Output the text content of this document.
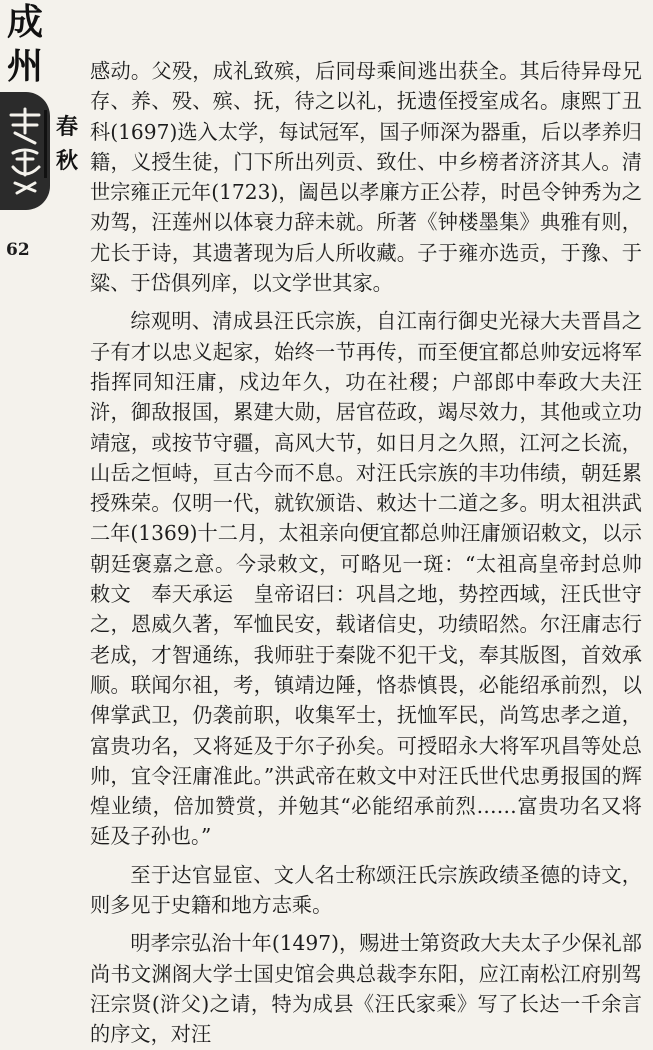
成
州
春
秋
62

感动。父殁，成礼致殡，后同母乘间逃出获全。其后待异母兄存、养、殁、殡、抚，待之以礼，抚遗侄授室成名。康熙丁丑科(1697)选入太学，每试冠军，国子师深为器重，后以孝养归籍，义授生徒，门下所出列贡、致仕、中乡榜者济济其人。清世宗雍正元年(1723)，阖邑以孝廉方正公荐，时邑令钟秀为之劝驾，汪莲州以体衰力辞未就。所著《钟楼墨集》典雅有则，尤长于诗，其遗著现为后人所收藏。子于雍亦选贡，于豫、于粱、于岱俱列庠，以文学世其家。

综观明、清成县汪氏宗族，自江南行御史光禄大夫晋昌之子有才以忠义起家，始终一节再传，而至便宜都总帅安远将军指挥同知汪庸，戍边年久，功在社稷；户部郎中奉政大夫汪浒，御敌报国，累建大勋，居官莅政，竭尽效力，其他或立功靖寇，或按节守疆，高风大节，如日月之久照，江河之长流，山岳之恒峙，亘古今而不息。对汪氏宗族的丰功伟绩，朝廷累授殊荣。仅明一代，就钦颁诰、敕达十二道之多。明太祖洪武二年(1369)十二月，太祖亲向便宜都总帅汪庸颁诏敕文，以示朝廷褒嘉之意。今录敕文，可略见一斑：“太祖高皇帝封总帅敕文　奉天承运　皇帝诏曰：巩昌之地，势控西域，汪氏世守之，恩威久著，军恤民安，载诸信史，功绩昭然。尔汪庸志行老成，才智通练，我师驻于秦陇不犯干戈，奉其版图，首效承顺。联闻尔祖，考，镇靖边陲，恪恭慎畏，必能绍承前烈，以俾掌武卫，仍袭前职，收集军士，抚恤军民，尚笃忠孝之道，富贵功名，又将延及于尔子孙矣。可授昭永大将军巩昌等处总帅，宜令汪庸准此。”洪武帝在敕文中对汪氏世代忠勇报国的辉煌业绩，倍加赞赏，并勉其“必能绍承前烈……富贵功名又将延及子孙也。”

至于达官显宦、文人名士称颂汪氏宗族政绩圣德的诗文，则多见于史籍和地方志乘。

明孝宗弘治十年(1497)，赐进士第资政大夫太子少保礼部尚书文渊阁大学士国史馆会典总裁李东阳，应江南松江府别驾汪宗贤(浒父)之请，特为成县《汪氏家乘》写了长达一千余言的序文，对汪
